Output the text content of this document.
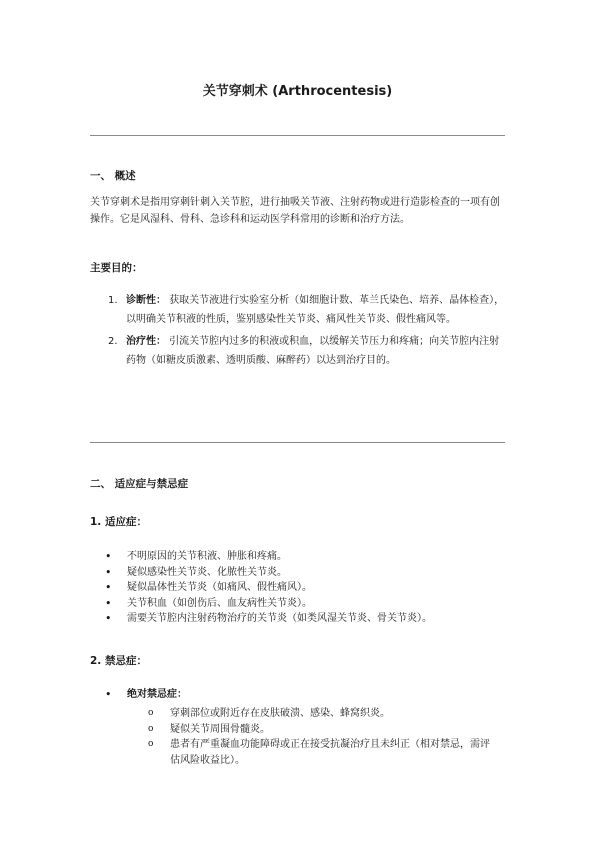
关节穿刺术 (Arthrocentesis)
一、 概述
关节穿刺术是指用穿刺针刺入关节腔，进行抽吸关节液、注射药物或进行造影检查的一项有创操作。它是风湿科、骨科、急诊科和运动医学科常用的诊断和治疗方法。
主要目的：
1. 诊断性： 获取关节液进行实验室分析（如细胞计数、革兰氏染色、培养、晶体检查），以明确关节积液的性质，鉴别感染性关节炎、痛风性关节炎、假性痛风等。
2. 治疗性： 引流关节腔内过多的积液或积血，以缓解关节压力和疼痛；向关节腔内注射药物（如糖皮质激素、透明质酸、麻醉药）以达到治疗目的。
二、 适应症与禁忌症
1. 适应症：
•	不明原因的关节积液、肿胀和疼痛。
•	疑似感染性关节炎、化脓性关节炎。
•	疑似晶体性关节炎（如痛风、假性痛风）。
•	关节积血（如创伤后、血友病性关节炎）。
•	需要关节腔内注射药物治疗的关节炎（如类风湿关节炎、骨关节炎）。
2. 禁忌症：
•	绝对禁忌症：
o	穿刺部位或附近存在皮肤破溃、感染、蜂窝织炎。
o	疑似关节周围骨髓炎。
o	患者有严重凝血功能障碍或正在接受抗凝治疗且未纠正（相对禁忌，需评估风险收益比）。
